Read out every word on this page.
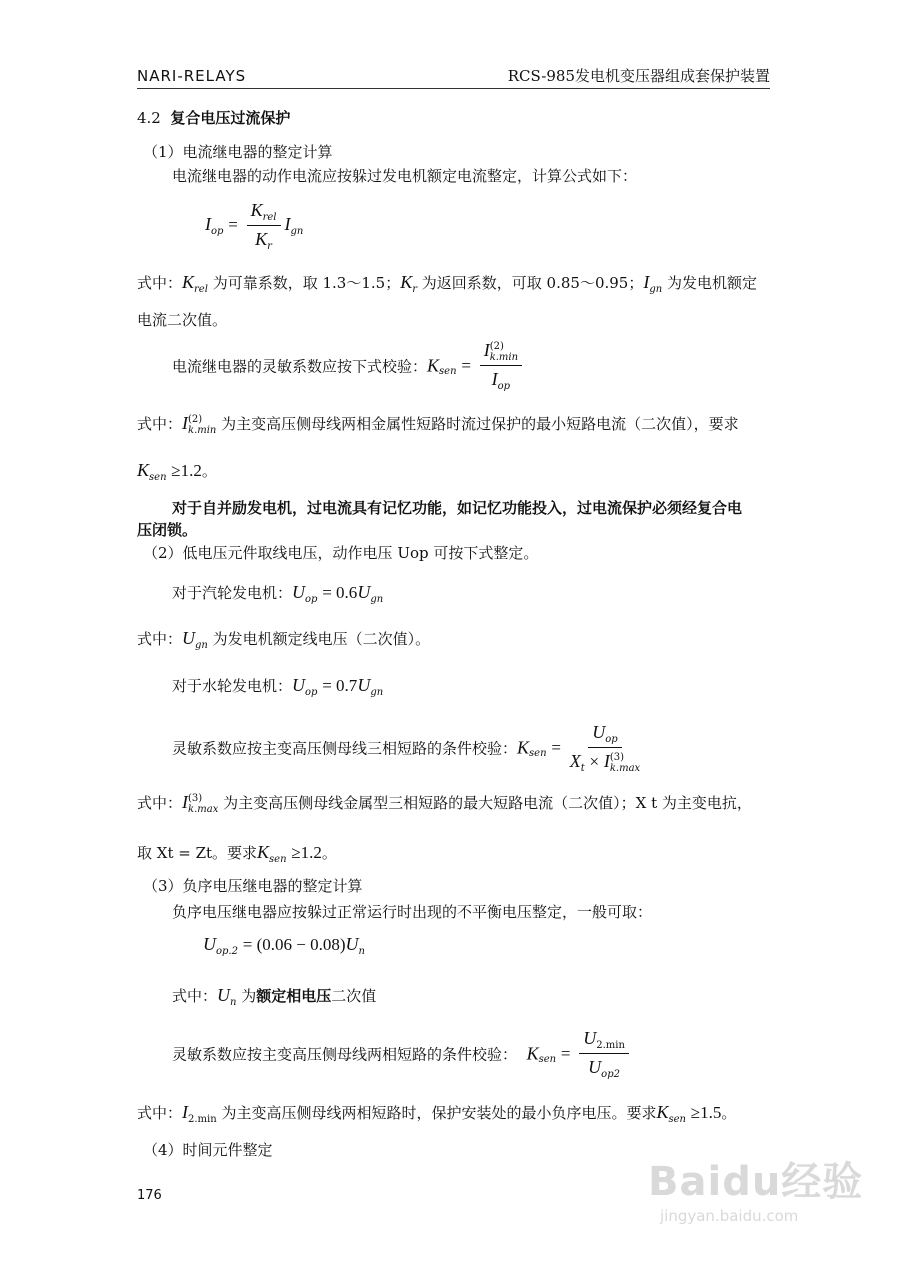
NARI-RELAYS	RCS-985发电机变压器组成套保护装置
4.2 复合电压过流保护
（1）电流继电器的整定计算
电流继电器的动作电流应按躲过发电机额定电流整定，计算公式如下：
$I_{op} = \frac{K_{rel}}{K_r} I_{gn}$
式中：$K_{rel}$ 为可靠系数，取 1.3～1.5；$K_r$ 为返回系数，可取 0.85～0.95；$I_{gn}$ 为发电机额定
电流二次值。
电流继电器的灵敏系数应按下式校验：$K_{sen} = I$ (2)
k.min
$I_{op}$
式中：I (2)
k.min 为主变高压侧母线两相金属性短路时流过保护的最小短路电流（二次值），要求
$K_{sen} \ge 1.2$。
对于自并励发电机，过电流具有记忆功能，如记忆功能投入，过电流保护必须经复合电
压闭锁。
（2）低电压元件取线电压，动作电压 Uop 可按下式整定。
对于汽轮发电机：$U_{op} = 0.6U_{gn}$
式中：$U_{gn}$ 为发电机额定线电压（二次值）。
对于水轮发电机：$U_{op} = 0.7U_{gn}$
灵敏系数应按主变高压侧母线三相短路的条件校验：$K_{sen} = U_{op}$
$X_t \times I$ (3)
k.max
式中：I (3)
k.max 为主变高压侧母线金属型三相短路的最大短路电流（二次值）；X t 为主变电抗，
取 Xt = Zt。要求$K_{sen} \ge 1.2$。
（3）负序电压继电器的整定计算
负序电压继电器应按躲过正常运行时出现的不平衡电压整定，一般可取：
$U_{op.2} = (0.06 - 0.08)U_n$
式中：$U_n$ 为额定相电压二次值
灵敏系数应按主变高压侧母线两相短路的条件校验： $K_{sen} = \frac{U_{2.min}}{U_{op2}}$
式中：$I_{2.min}$ 为主变高压侧母线两相短路时，保护安装处的最小负序电压。要求$K_{sen} \ge 1.5$。
（4）时间元件整定
176	Baidu经验
jingyan.baidu.com
